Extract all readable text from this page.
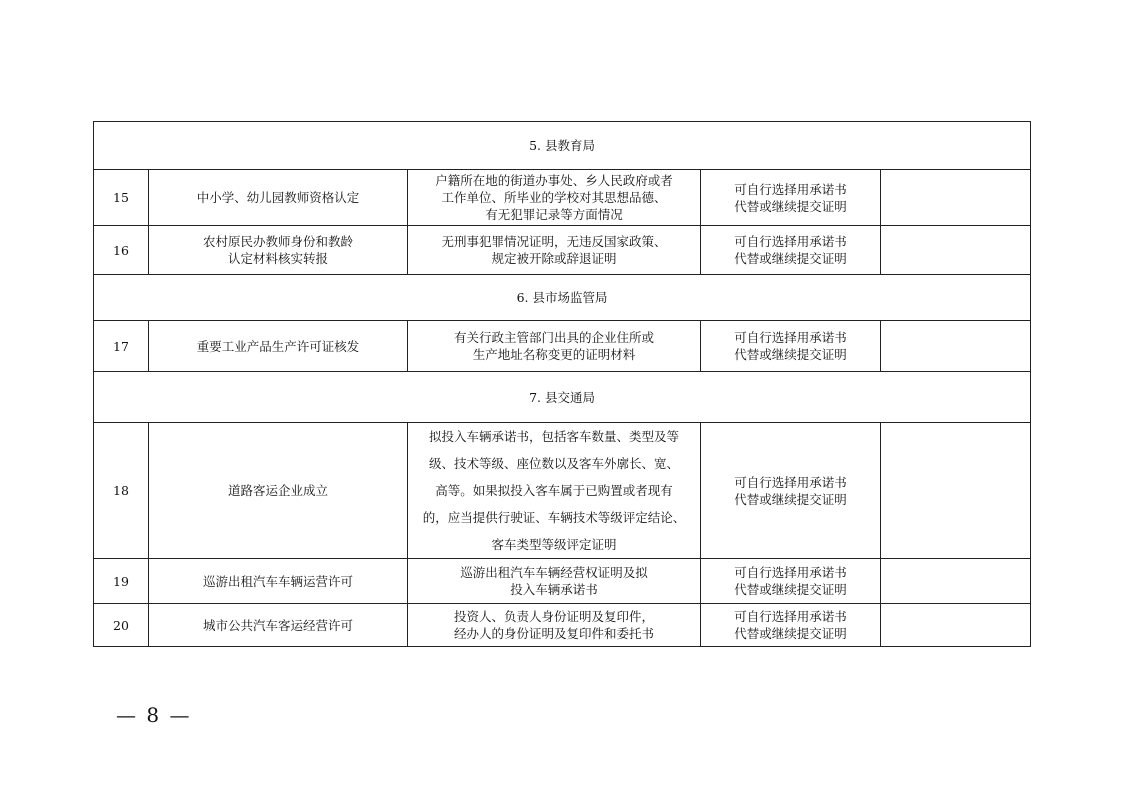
5. 县教育局				
15	中小学、幼儿园教师资格认定	户籍所在地的街道办事处、乡人民政府或者
工作单位、所毕业的学校对其思想品德、
有无犯罪记录等方面情况	可自行选择用承诺书
代替或继续提交证明	

16	农村原民办教师身份和教龄
认定材料核实转报	无刑事犯罪情况证明，无违反国家政策、
规定被开除或辞退证明	可自行选择用承诺书
代替或继续提交证明	

6. 县市场监管局				
17	重要工业产品生产许可证核发	有关行政主管部门出具的企业住所或
生产地址名称变更的证明材料	可自行选择用承诺书
代替或继续提交证明	

7. 县交通局				
18	道路客运企业成立	拟投入车辆承诺书，包括客车数量、类型及等
级、技术等级、座位数以及客车外廓长、宽、
高等。如果拟投入客车属于已购置或者现有
的，应当提供行驶证、车辆技术等级评定结论、
客车类型等级评定证明	可自行选择用承诺书
代替或继续提交证明	

19	巡游出租汽车车辆运营许可	巡游出租汽车车辆经营权证明及拟
投入车辆承诺书	可自行选择用承诺书
代替或继续提交证明	

20	城市公共汽车客运经营许可	投资人、负责人身份证明及复印件，
经办人的身份证明及复印件和委托书	可自行选择用承诺书
代替或继续提交证明	

— 8 —
